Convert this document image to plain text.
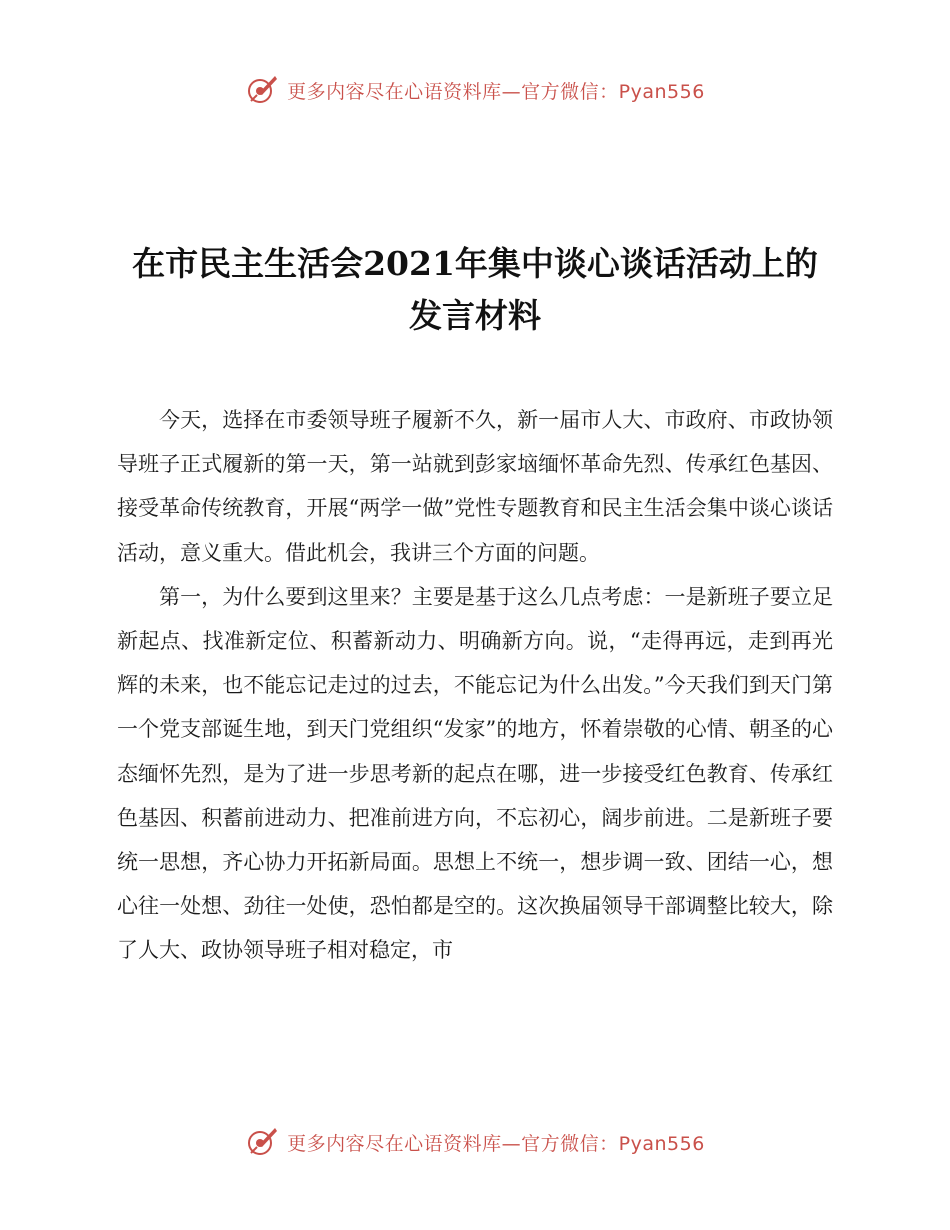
更多内容尽在心语资料库—官方微信：Pyan556
在市民主生活会2021年集中谈心谈话活动上的
发言材料

今天，选择在市委领导班子履新不久，新一届市人大、市政府、市政协领导班子正式履新的第一天，第一站就到彭家垴缅怀革命先烈、传承红色基因、接受革命传统教育，开展“两学一做”党性专题教育和民主生活会集中谈心谈话活动，意义重大。借此机会，我讲三个方面的问题。

第一，为什么要到这里来？主要是基于这么几点考虑：一是新班子要立足新起点、找准新定位、积蓄新动力、明确新方向。说，“走得再远，走到再光辉的未来，也不能忘记走过的过去，不能忘记为什么出发。”今天我们到天门第一个党支部诞生地，到天门党组织“发家”的地方，怀着崇敬的心情、朝圣的心态缅怀先烈，是为了进一步思考新的起点在哪，进一步接受红色教育、传承红色基因、积蓄前进动力、把准前进方向，不忘初心，阔步前进。二是新班子要统一思想，齐心协力开拓新局面。思想上不统一，想步调一致、团结一心，想心往一处想、劲往一处使，恐怕都是空的。这次换届领导干部调整比较大，除了人大、政协领导班子相对稳定，市

更多内容尽在心语资料库—官方微信：Pyan556
